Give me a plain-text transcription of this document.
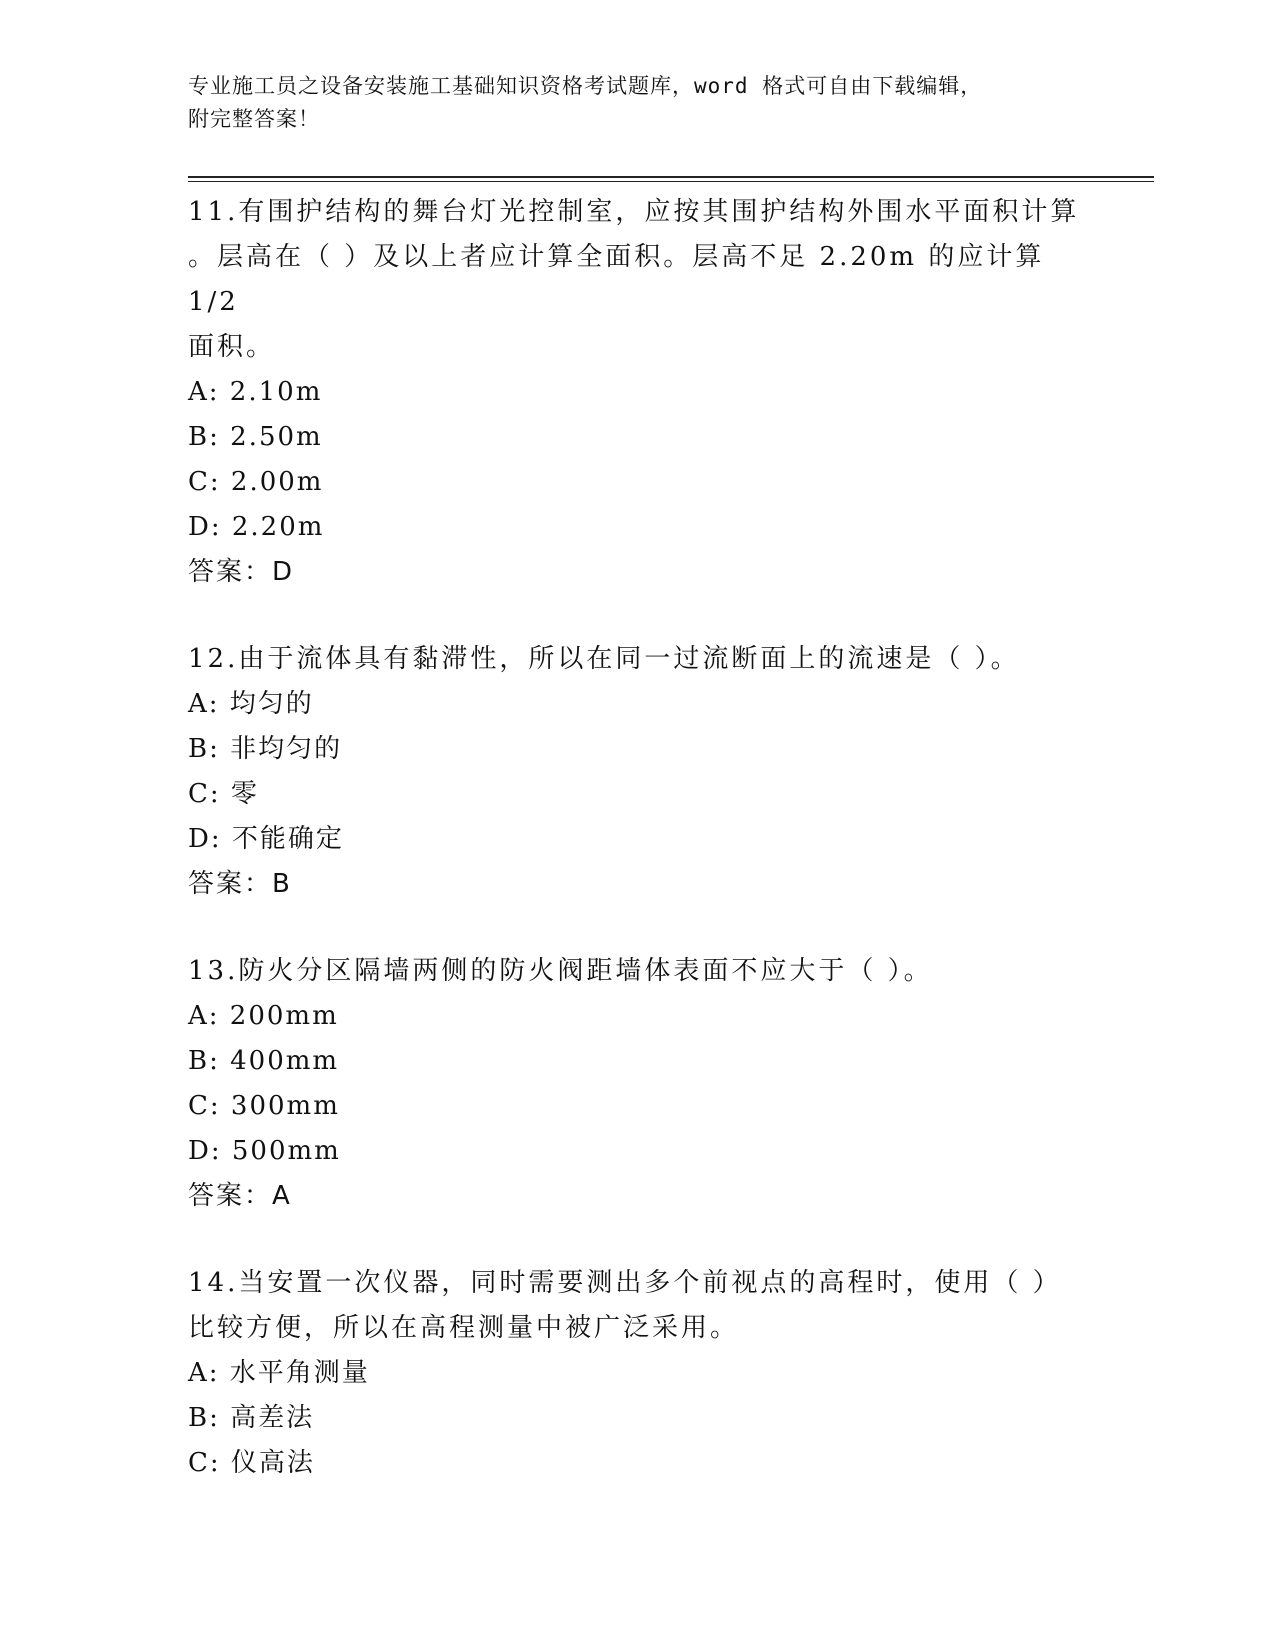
专业施工员之设备安装施工基础知识资格考试题库，word 格式可自由下载编辑，
附完整答案！
11.有围护结构的舞台灯光控制室，应按其围护结构外围水平面积计算
。层高在（ ）及以上者应计算全面积。层高不足 2.20m 的应计算 1/2
面积。
A: 2.10m
B: 2.50m
C: 2.00m
D: 2.20m
答案：D
12.由于流体具有黏滞性，所以在同一过流断面上的流速是（ ）。
A: 均匀的
B: 非均匀的
C: 零
D: 不能确定
答案：B
13.防火分区隔墙两侧的防火阀距墙体表面不应大于（ ）。
A: 200mm
B: 400mm
C: 300mm
D: 500mm
答案：A
14.当安置一次仪器，同时需要测出多个前视点的高程时，使用（ ）
比较方便，所以在高程测量中被广泛采用。
A: 水平角测量
B: 高差法
C: 仪高法
